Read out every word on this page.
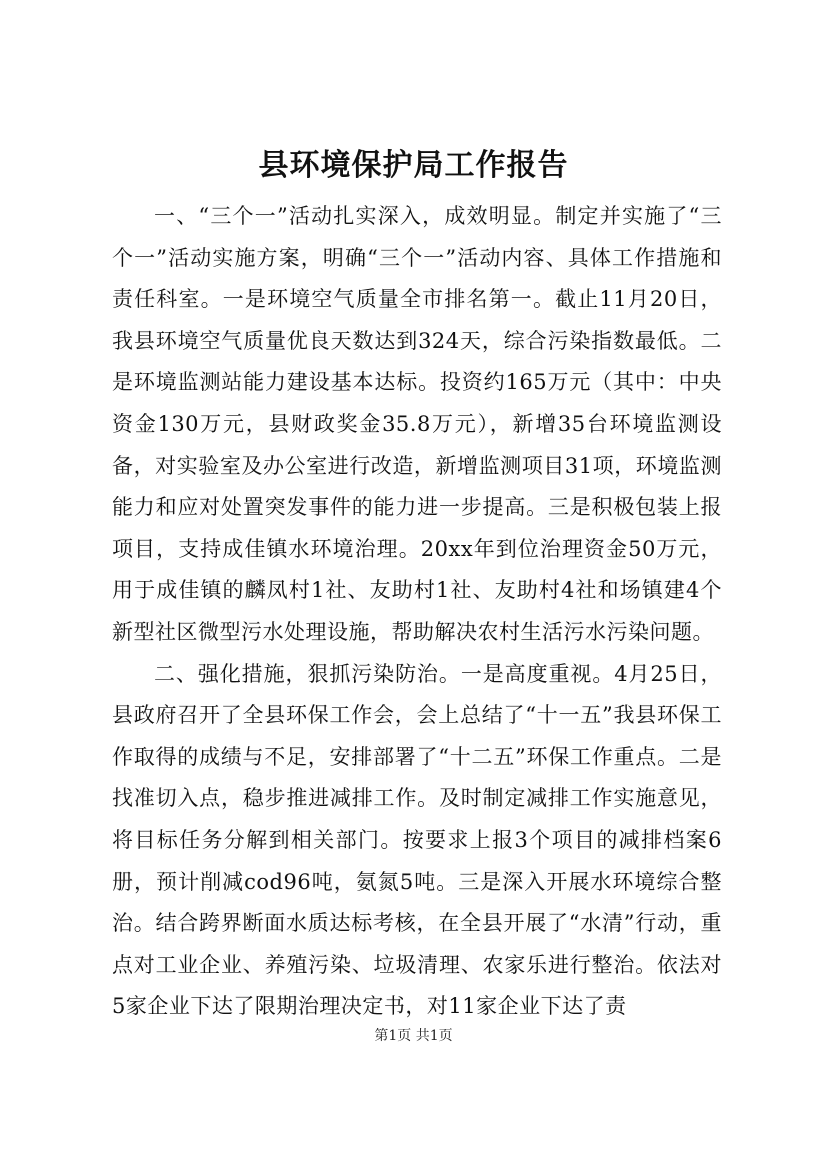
县环境保护局工作报告

一、“三个一”活动扎实深入，成效明显。制定并实施了“三个一”活动实施方案，明确“三个一”活动内容、具体工作措施和责任科室。一是环境空气质量全市排名第一。截止11月20日，我县环境空气质量优良天数达到324天，综合污染指数最低。二是环境监测站能力建设基本达标。投资约165万元（其中：中央资金130万元，县财政奖金35.8万元），新增35台环境监测设备，对实验室及办公室进行改造，新增监测项目31项，环境监测能力和应对处置突发事件的能力进一步提高。三是积极包装上报项目，支持成佳镇水环境治理。20xx年到位治理资金50万元，用于成佳镇的麟凤村1社、友助村1社、友助村4社和场镇建4个新型社区微型污水处理设施，帮助解决农村生活污水污染问题。

二、强化措施，狠抓污染防治。一是高度重视。4月25日，县政府召开了全县环保工作会，会上总结了“十一五”我县环保工作取得的成绩与不足，安排部署了“十二五”环保工作重点。二是找准切入点，稳步推进减排工作。及时制定减排工作实施意见，将目标任务分解到相关部门。按要求上报3个项目的减排档案6册，预计削减cod96吨，氨氮5吨。三是深入开展水环境综合整治。结合跨界断面水质达标考核，在全县开展了“水清”行动，重点对工业企业、养殖污染、垃圾清理、农家乐进行整治。依法对5家企业下达了限期治理决定书，对11家企业下达了责

第1页 共1页
